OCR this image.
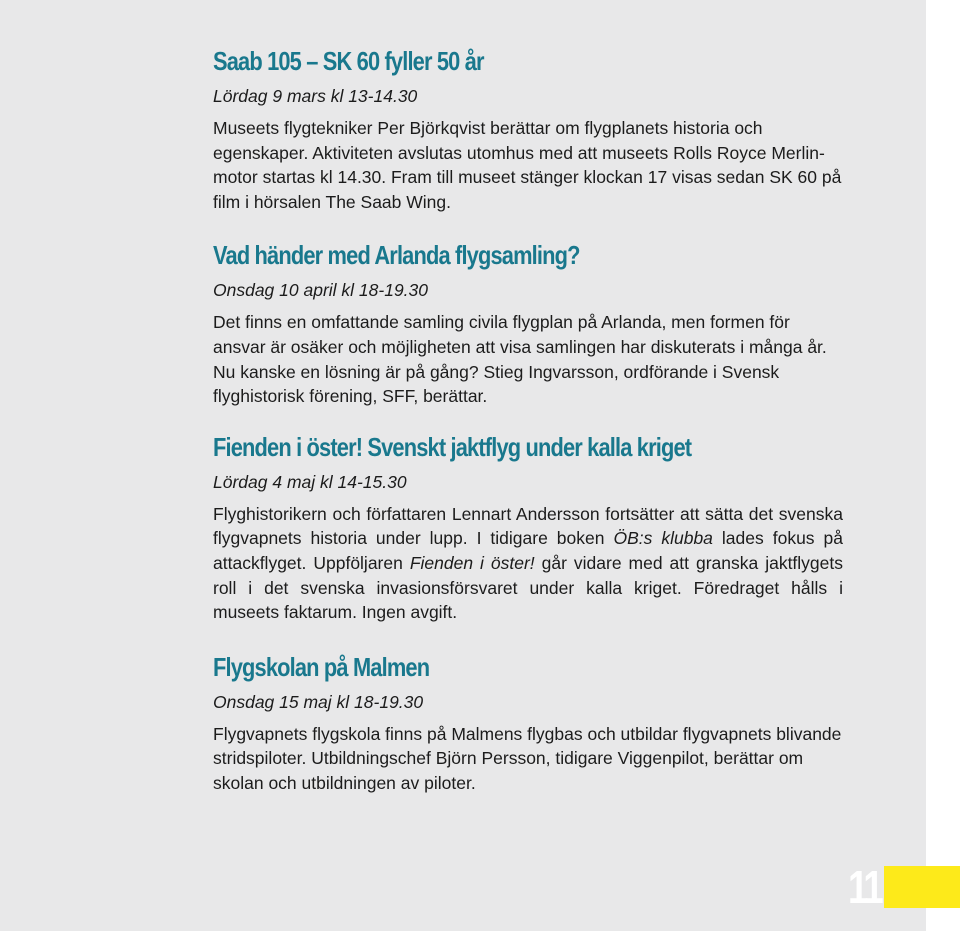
Saab 105 – SK 60 fyller 50 år

Lördag 9 mars kl 13-14.30

Museets flygtekniker Per Björkqvist berättar om flygplanets historia och egenskaper. Aktiviteten avslutas utomhus med att museets Rolls Royce Merlin-motor startas kl 14.30. Fram till museet stänger klockan 17 visas sedan SK 60 på film i hörsalen The Saab Wing.

Vad händer med Arlanda flygsamling?

Onsdag 10 april kl 18-19.30

Det finns en omfattande samling civila flygplan på Arlanda, men formen för ansvar är osäker och möjligheten att visa samlingen har diskuterats i många år. Nu kanske en lösning är på gång? Stieg Ingvarsson, ordförande i Svensk flyghistorisk förening, SFF, berättar.

Fienden i öster! Svenskt jaktflyg under kalla kriget

Lördag 4 maj kl 14-15.30

Flyghistorikern och författaren Lennart Andersson fortsätter att sätta det svenska flygvapnets historia under lupp. I tidigare boken ÖB:s klubba lades fokus på attackflyget. Uppföljaren Fienden i öster! går vidare med att granska jaktflygets roll i det svenska invasionsförsvaret under kalla kriget. Föredraget hålls i museets faktarum. Ingen avgift.

Flygskolan på Malmen

Onsdag 15 maj kl 18-19.30

Flygvapnets flygskola finns på Malmens flygbas och utbildar flygvapnets blivande stridspiloter. Utbildningschef Björn Persson, tidigare Viggenpilot, berättar om skolan och utbildningen av piloter.

11
